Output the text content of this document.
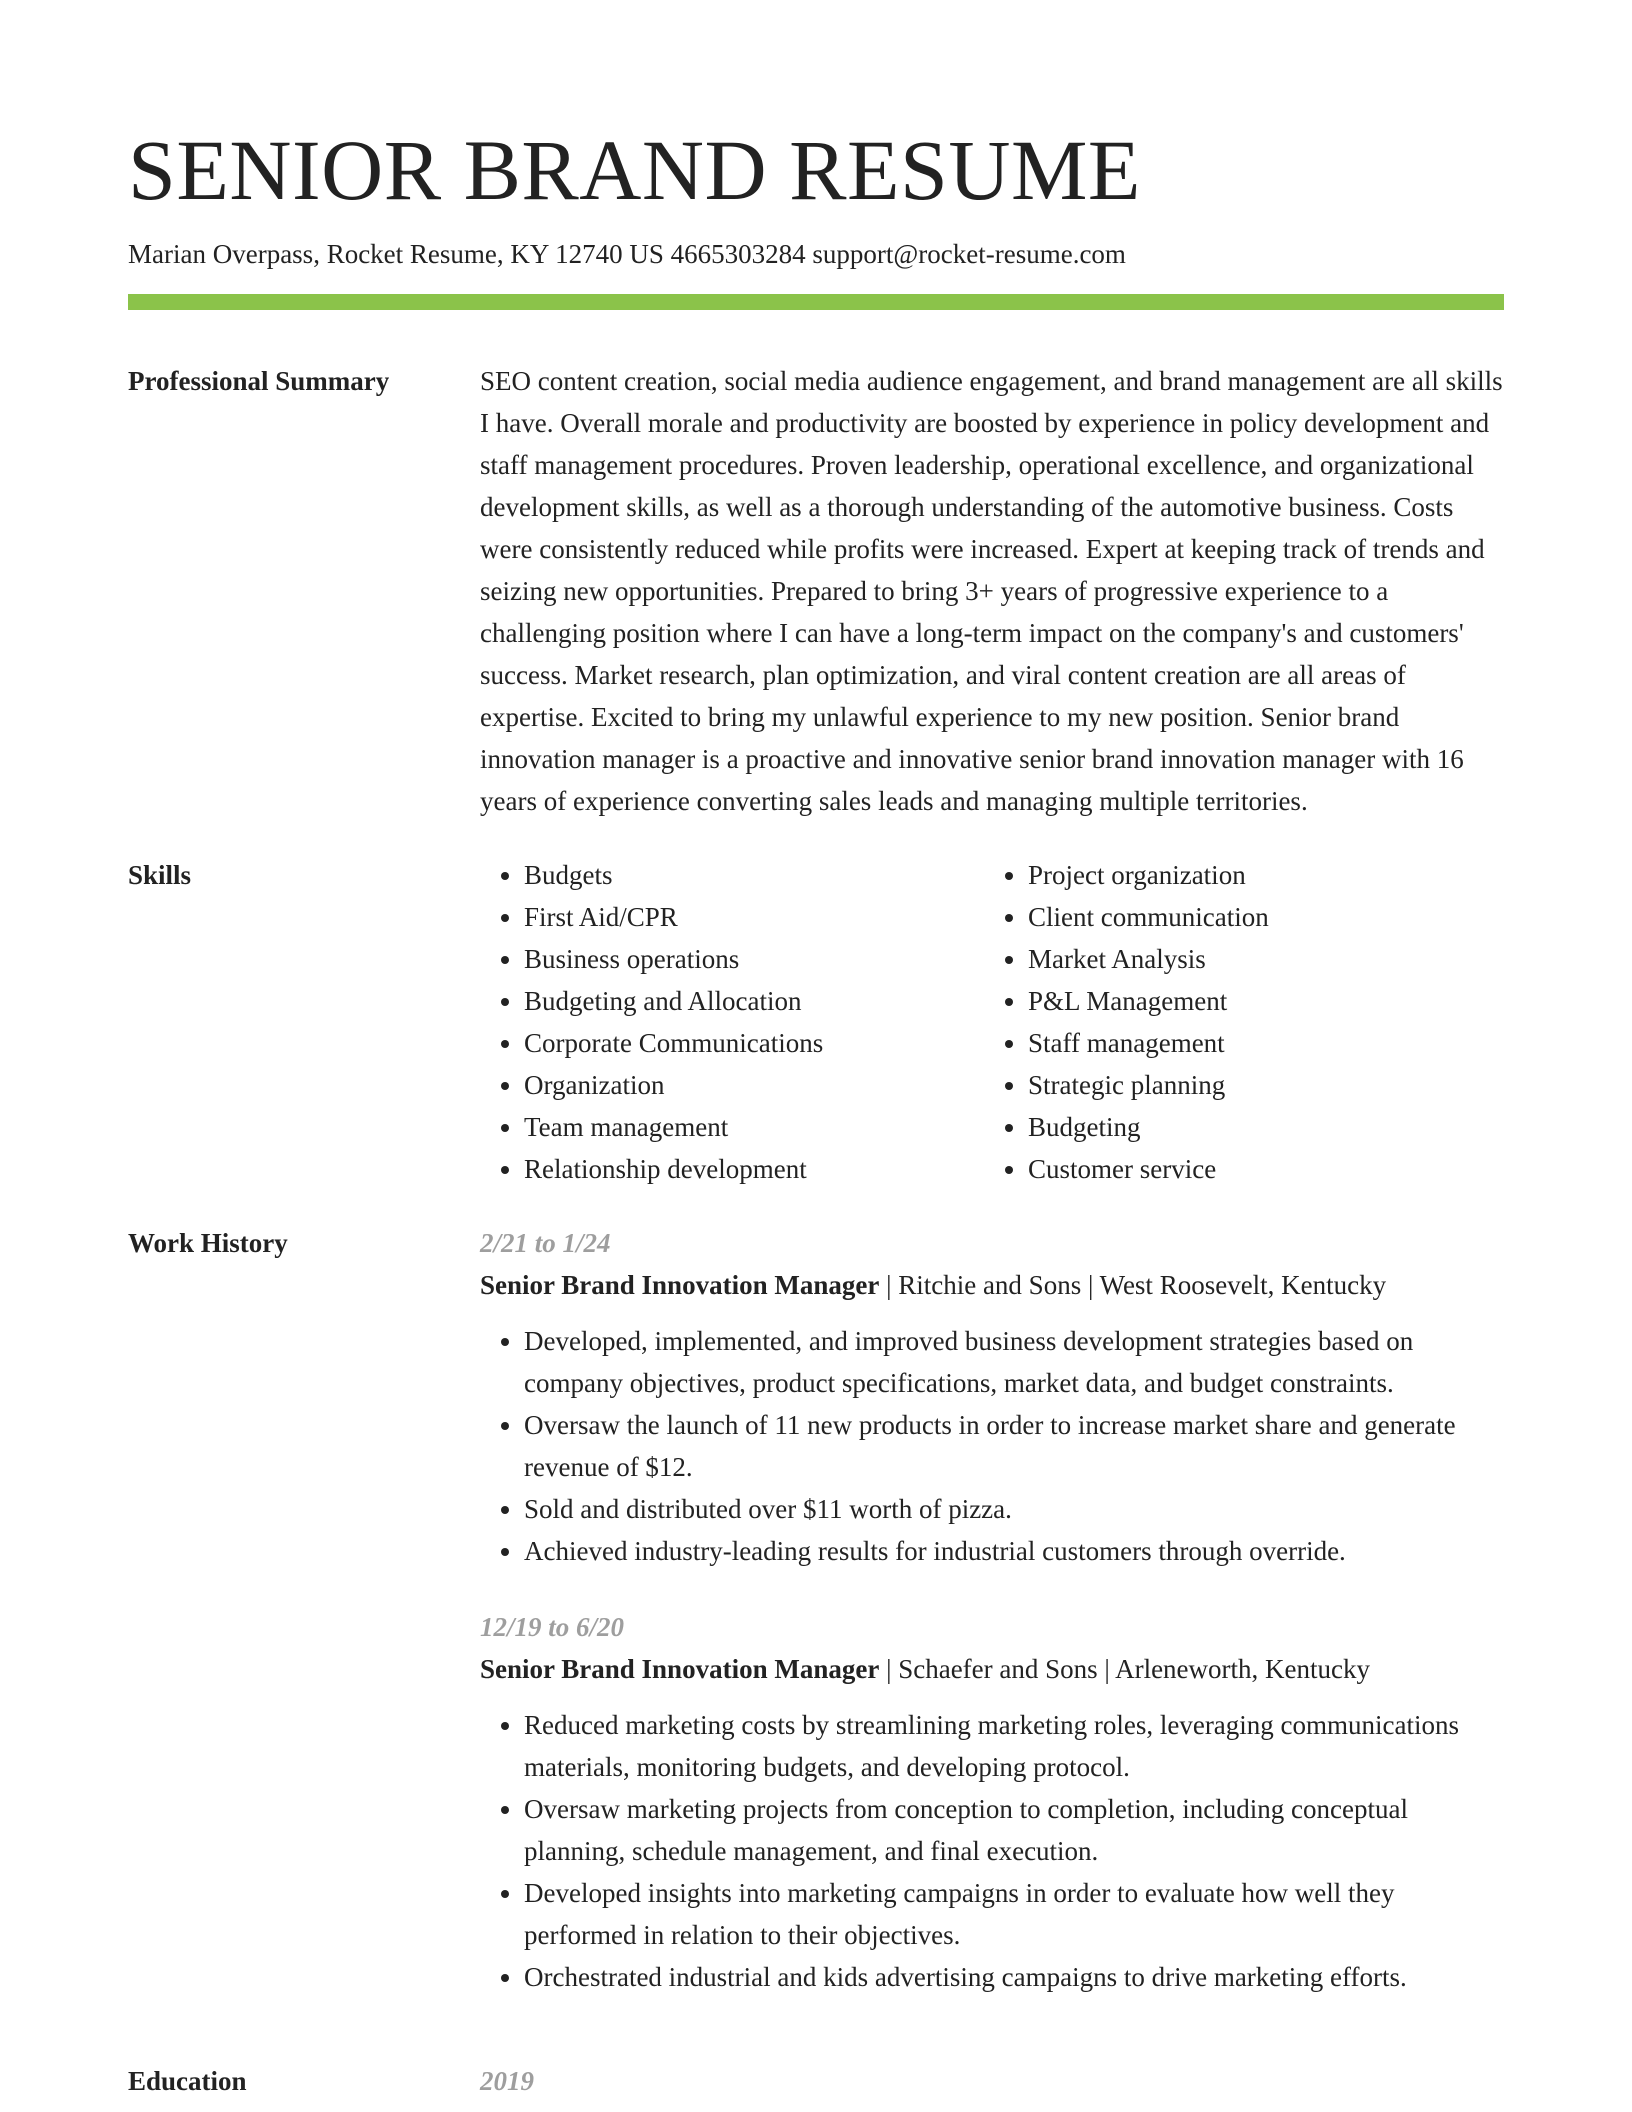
SENIOR BRAND RESUME
Marian Overpass, Rocket Resume, KY 12740 US 4665303284 support@rocket-resume.com
Professional Summary	SEO content creation, social media audience engagement, and brand management are all skills I have. Overall morale and productivity are boosted by experience in policy development and staff management procedures. Proven leadership, operational excellence, and organizational development skills, as well as a thorough understanding of the automotive business. Costs were consistently reduced while profits were increased. Expert at keeping track of trends and seizing new opportunities. Prepared to bring 3+ years of progressive experience to a challenging position where I can have a long-term impact on the company's and customers' success. Market research, plan optimization, and viral content creation are all areas of expertise. Excited to bring my unlawful experience to my new position. Senior brand innovation manager is a proactive and innovative senior brand innovation manager with 16 years of experience converting sales leads and managing multiple territories.

Skills
•	Budgets
• First Aid/CPR
• Business operations
• Budgeting and Allocation
• Corporate Communications
• Organization
• Team management
• Relationship development
• Project organization
• Client communication
• Market Analysis
• P&L Management
• Staff management
• Strategic planning
• Budgeting
• Customer service
Work History	2/21 to 1/24
Senior Brand Innovation Manager | Ritchie and Sons | West Roosevelt, Kentucky
• Developed, implemented, and improved business development strategies based on company objectives, product specifications, market data, and budget constraints.
• Oversaw the launch of 11 new products in order to increase market share and generate revenue of $12.
• Sold and distributed over $11 worth of pizza.
• Achieved industry-leading results for industrial customers through override.
12/19 to 6/20
Senior Brand Innovation Manager | Schaefer and Sons | Arleneworth, Kentucky
• Reduced marketing costs by streamlining marketing roles, leveraging communications materials, monitoring budgets, and developing protocol.
• Oversaw marketing projects from conception to completion, including conceptual planning, schedule management, and final execution.
• Developed insights into marketing campaigns in order to evaluate how well they performed in relation to their objectives.
• Orchestrated industrial and kids advertising campaigns to drive marketing efforts.
Education	2019
